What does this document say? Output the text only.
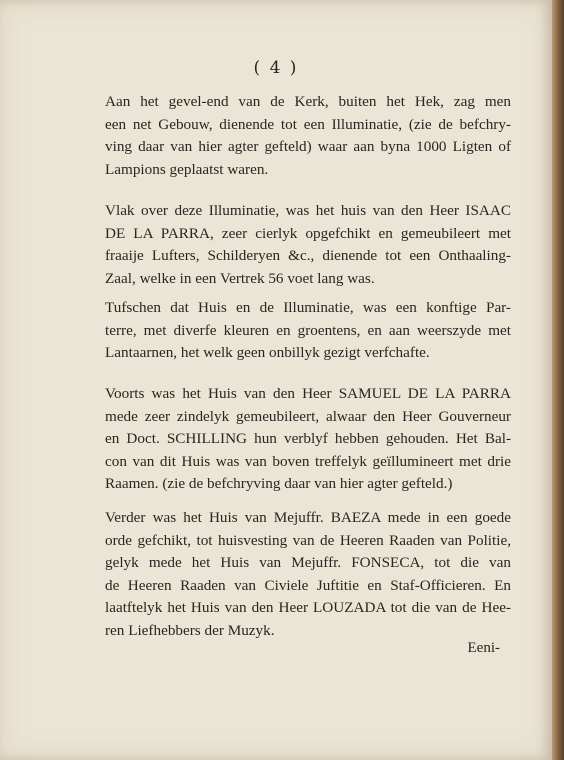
( 4 )
Aan het gevel-end van de Kerk, buiten het Hek, zag men
een net Gebouw, dienende tot een Illuminatie, (zie de befchry-
ving daar van hier agter gefteld) waar aan byna 1000 Ligten of
Lampions geplaatst waren.
Vlak over deze Illuminatie, was het huis van den Heer ISAAC
DE LA PARRA, zeer cierlyk opgefchikt en gemeubileert met
fraaije Lufters, Schilderyen &c., dienende tot een Onthaaling-
Zaal, welke in een Vertrek 56 voet lang was.
Tufschen dat Huis en de Illuminatie, was een konftige Par-
terre, met diverfe kleuren en groentens, en aan weerszyde met
Lantaarnen, het welk geen onbillyk gezigt verfchafte.
Voorts was het Huis van den Heer SAMUEL DE LA PARRA
mede zeer zindelyk gemeubileert, alwaar den Heer Gouverneur
en Doct. SCHILLING hun verblyf hebben gehouden. Het Bal-
con van dit Huis was van boven treffelyk geïllumineert met drie
Raamen. (zie de befchryving daar van hier agter gefteld.)
Verder was het Huis van Mejuffr. BAEZA mede in een goede
orde gefchikt, tot huisvesting van de Heeren Raaden van Politie,
gelyk mede het Huis van Mejuffr. FONSECA, tot die van
de Heeren Raaden van Civiele Juftitie en Staf-Officieren. En
laatftelyk het Huis van den Heer LOUZADA tot die van de Hee-
ren Liefhebbers der Muzyk.
Eeni-
